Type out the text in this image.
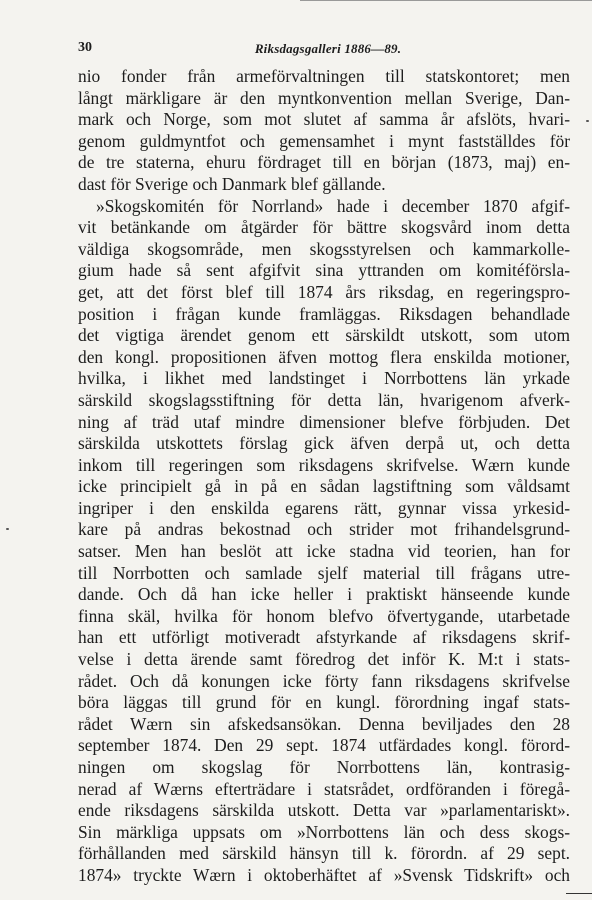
30	Riksdagsgalleri 1886—89.
nio fonder från armeförvaltningen till statskontoret; men
långt märkligare är den myntkonvention mellan Sverige, Dan-
mark och Norge, som mot slutet af samma år afslöts, hvari-
genom guldmyntfot och gemensamhet i mynt fastställdes för
de tre staterna, ehuru fördraget till en början (1873, maj) en-
dast för Sverige och Danmark blef gällande.
»Skogskomitén för Norrland» hade i december 1870 afgif-
vit betänkande om åtgärder för bättre skogsvård inom detta
väldiga skogsområde, men skogsstyrelsen och kammarkolle-
gium hade så sent afgifvit sina yttranden om komitéförsla-
get, att det först blef till 1874 års riksdag, en regeringspro-
position i frågan kunde framläggas. Riksdagen behandlade
det vigtiga ärendet genom ett särskildt utskott, som utom
den kongl. propositionen äfven mottog flera enskilda motioner,
hvilka, i likhet med landstinget i Norrbottens län yrkade
särskild skogslagsstiftning för detta län, hvarigenom afverk-
ning af träd utaf mindre dimensioner blefve förbjuden. Det
särskilda utskottets förslag gick äfven derpå ut, och detta
inkom till regeringen som riksdagens skrifvelse. Wærn kunde
icke principielt gå in på en sådan lagstiftning som våldsamt
ingriper i den enskilda egarens rätt, gynnar vissa yrkesid-
kare på andras bekostnad och strider mot frihandelsgrund-
satser. Men han beslöt att icke stadna vid teorien, han for
till Norrbotten och samlade sjelf material till frågans utre-
dande. Och då han icke heller i praktiskt hänseende kunde
finna skäl, hvilka för honom blefvo öfvertygande, utarbetade
han ett utförligt motiveradt afstyrkande af riksdagens skrif-
velse i detta ärende samt föredrog det inför K. M:t i stats-
rådet. Och då konungen icke förty fann riksdagens skrifvelse
böra läggas till grund för en kungl. förordning ingaf stats-
rådet Wærn sin afskedsansökan. Denna beviljades den 28
september 1874. Den 29 sept. 1874 utfärdades kongl. förord-
ningen om skogslag för Norrbottens län, kontrasig-
nerad af Wærns efterträdare i statsrådet, ordföranden i föregå-
ende riksdagens särskilda utskott. Detta var »parlamentariskt».
Sin märkliga uppsats om »Norrbottens län och dess skogs-
förhållanden med särskild hänsyn till k. förordn. af 29 sept.
1874» tryckte Wærn i oktoberhäftet af »Svensk Tidskrift» och
